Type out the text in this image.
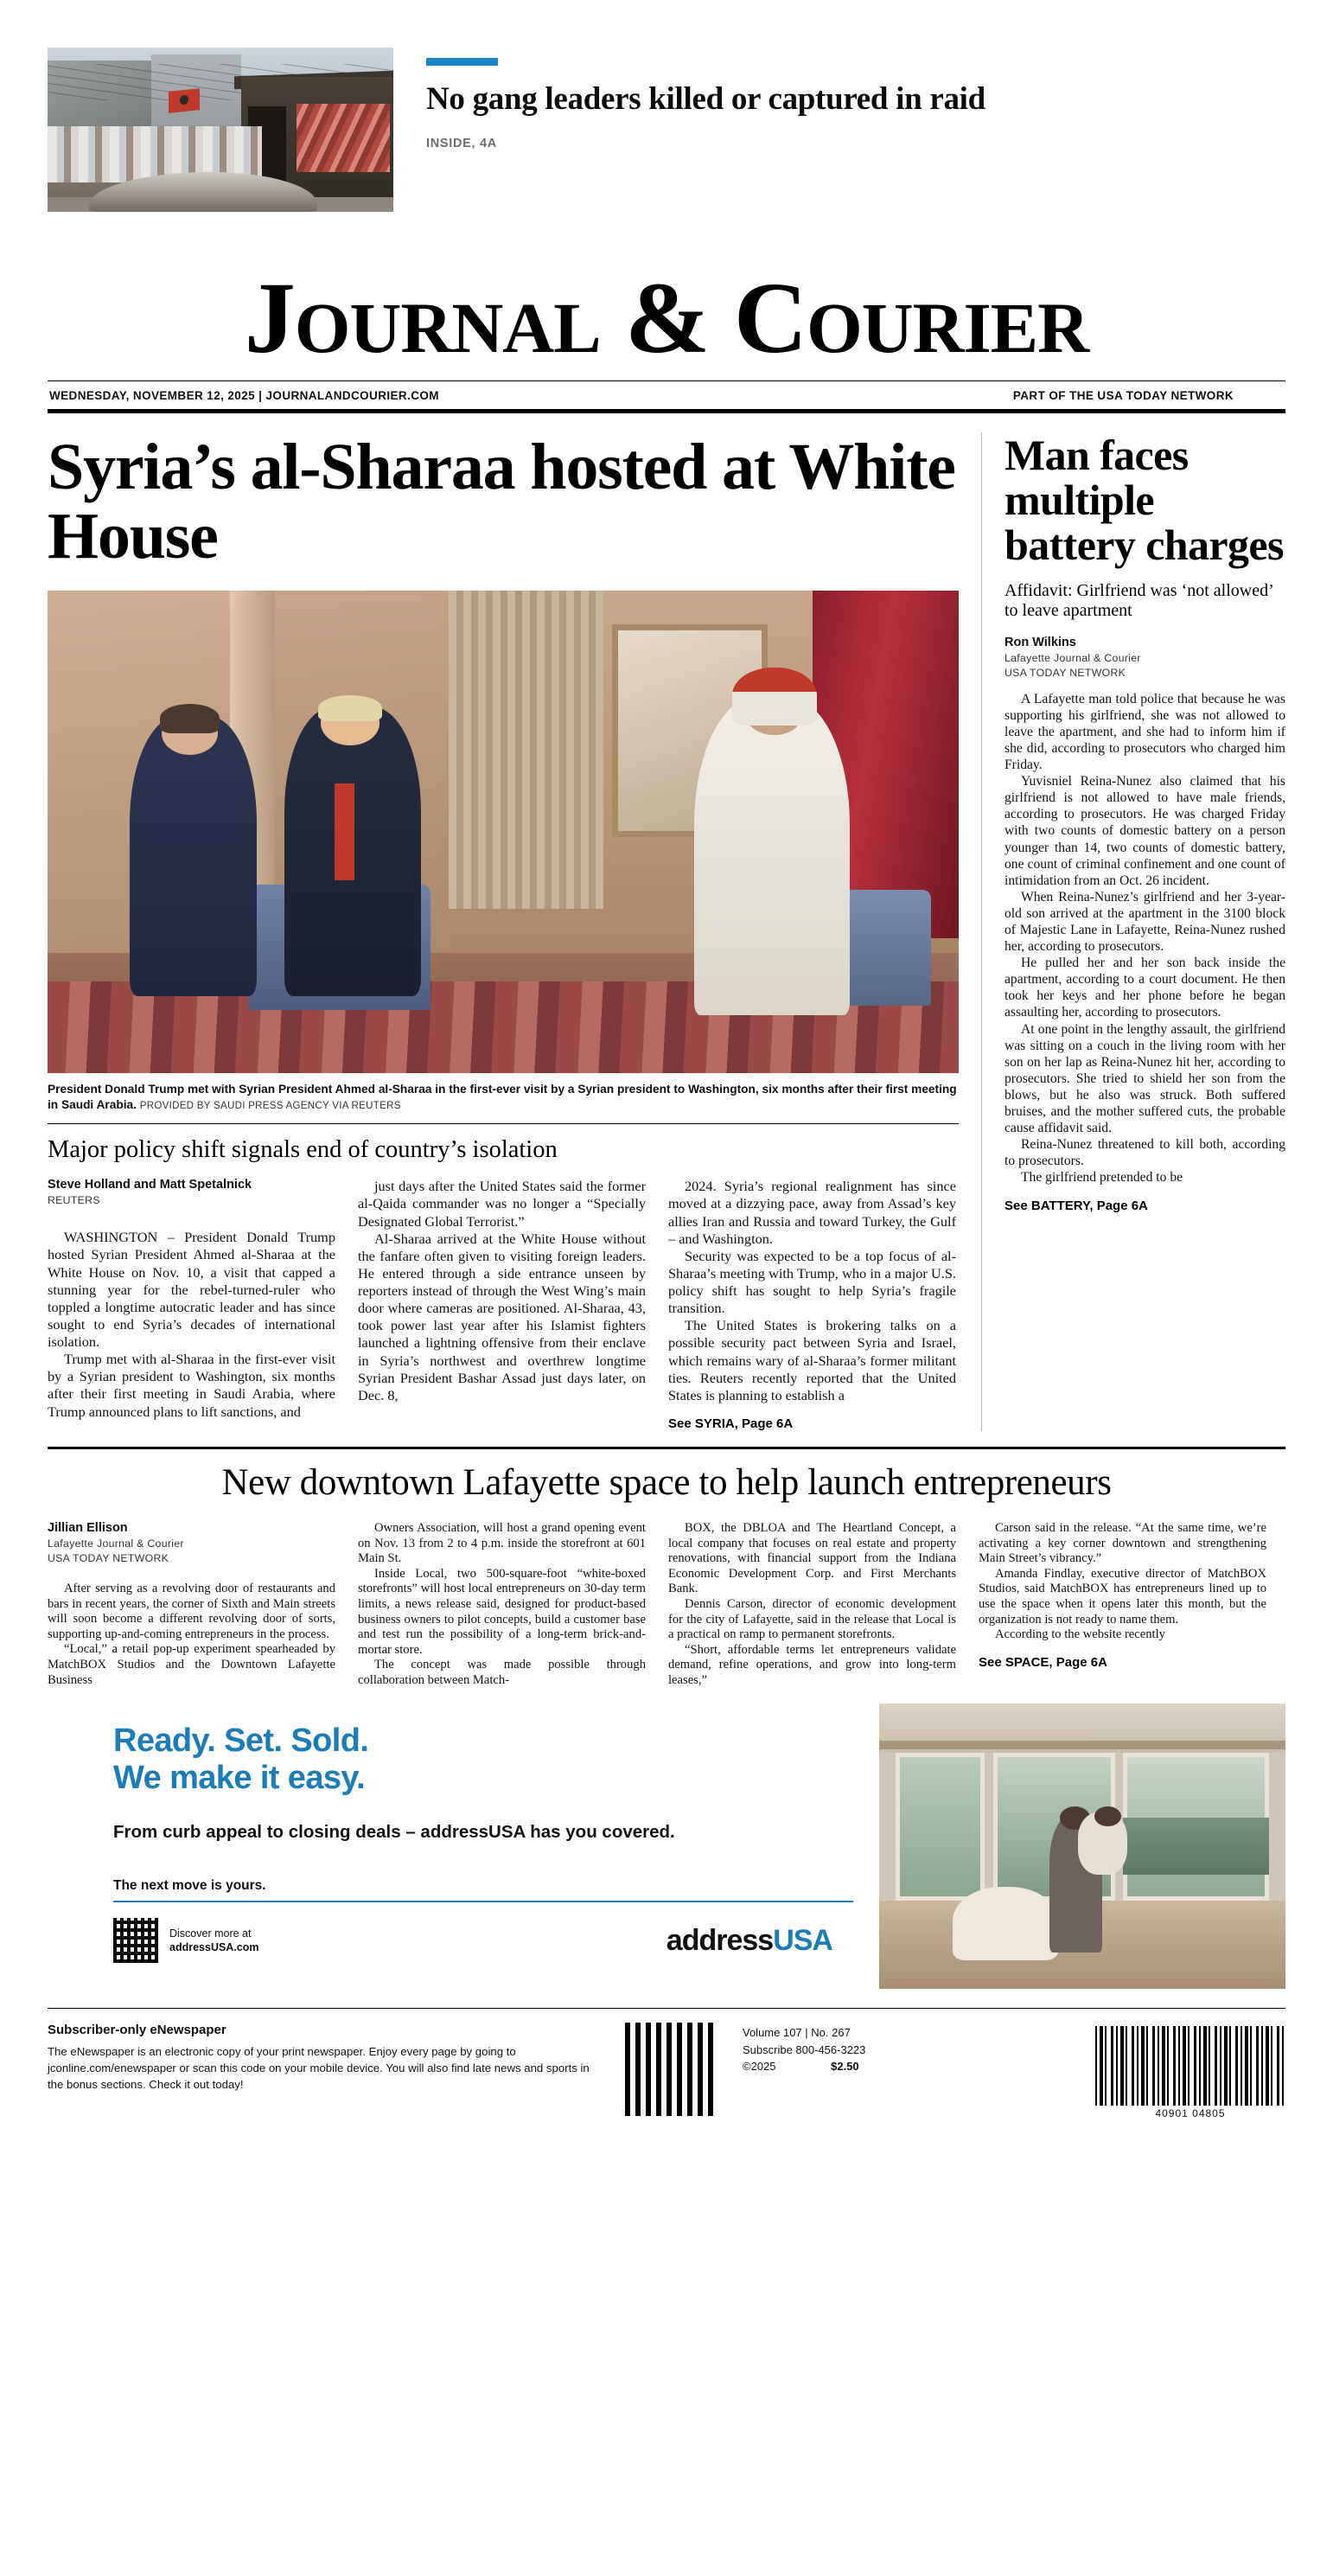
No gang leaders killed or captured in raid
INSIDE, 4A
Journal & Courier
WEDNESDAY, NOVEMBER 12, 2025 | JOURNALANDCOURIER.COM	PART OF THE USA TODAY NETWORK
Syria’s al-Sharaa hosted at White House
President Donald Trump met with Syrian President Ahmed al-Sharaa in the first-ever visit by a Syrian president to Washington, six months after their first meeting in Saudi Arabia. PROVIDED BY SAUDI PRESS AGENCY VIA REUTERS
Major policy shift signals end of country’s isolation
Steve Holland and Matt Spetalnick
REUTERS

WASHINGTON – President Donald Trump hosted Syrian President Ahmed al-Sharaa at the White House on Nov. 10, a visit that capped a stunning year for the rebel-turned-ruler who toppled a longtime autocratic leader and has since sought to end Syria’s decades of international isolation.

Trump met with al-Sharaa in the first-ever visit by a Syrian president to Washington, six months after their first meeting in Saudi Arabia, where Trump announced plans to lift sanctions, and

just days after the United States said the former al-Qaida commander was no longer a “Specially Designated Global Terrorist.”

Al-Sharaa arrived at the White House without the fanfare often given to visiting foreign leaders. He entered through a side entrance unseen by reporters instead of through the West Wing’s main door where cameras are positioned. Al-Sharaa, 43, took power last year after his Islamist fighters launched a lightning offensive from their enclave in Syria’s northwest and overthrew longtime Syrian President Bashar Assad just days later, on Dec. 8,

2024. Syria’s regional realignment has since moved at a dizzying pace, away from Assad’s key allies Iran and Russia and toward Turkey, the Gulf – and Washington.

Security was expected to be a top focus of al-Sharaa’s meeting with Trump, who in a major U.S. policy shift has sought to help Syria’s fragile transition.

The United States is brokering talks on a possible security pact between Syria and Israel, which remains wary of al-Sharaa’s former militant ties. Reuters recently reported that the United States is planning to establish a

See SYRIA, Page 6A
Man faces multiple battery charges
Affidavit: Girlfriend was ‘not allowed’ to leave apartment
Ron Wilkins
Lafayette Journal & Courier
USA TODAY NETWORK

A Lafayette man told police that because he was supporting his girlfriend, she was not allowed to leave the apartment, and she had to inform him if she did, according to prosecutors who charged him Friday.

Yuvisniel Reina-Nunez also claimed that his girlfriend is not allowed to have male friends, according to prosecutors. He was charged Friday with two counts of domestic battery on a person younger than 14, two counts of domestic battery, one count of criminal confinement and one count of intimidation from an Oct. 26 incident.

When Reina-Nunez’s girlfriend and her 3-year-old son arrived at the apartment in the 3100 block of Majestic Lane in Lafayette, Reina-Nunez rushed her, according to prosecutors.

He pulled her and her son back inside the apartment, according to a court document. He then took her keys and her phone before he began assaulting her, according to prosecutors.

At one point in the lengthy assault, the girlfriend was sitting on a couch in the living room with her son on her lap as Reina-Nunez hit her, according to prosecutors. She tried to shield her son from the blows, but he also was struck. Both suffered bruises, and the mother suffered cuts, the probable cause affidavit said.

Reina-Nunez threatened to kill both, according to prosecutors.

The girlfriend pretended to be

See BATTERY, Page 6A
New downtown Lafayette space to help launch entrepreneurs
Jillian Ellison
Lafayette Journal & Courier
USA TODAY NETWORK

After serving as a revolving door of restaurants and bars in recent years, the corner of Sixth and Main streets will soon become a different revolving door of sorts, supporting up-and-coming entrepreneurs in the process.

“Local,” a retail pop-up experiment spearheaded by MatchBOX Studios and the Downtown Lafayette Business

Owners Association, will host a grand opening event on Nov. 13 from 2 to 4 p.m. inside the storefront at 601 Main St.

Inside Local, two 500-square-foot “white-boxed storefronts” will host local entrepreneurs on 30-day term limits, a news release said, designed for product-based business owners to pilot concepts, build a customer base and test run the possibility of a long-term brick-and-mortar store.

The concept was made possible through collaboration between Match-

BOX, the DBLOA and The Heartland Concept, a local company that focuses on real estate and property renovations, with financial support from the Indiana Economic Development Corp. and First Merchants Bank.

Dennis Carson, director of economic development for the city of Lafayette, said in the release that Local is a practical on ramp to permanent storefronts.

“Short, affordable terms let entrepreneurs validate demand, refine operations, and grow into long-term leases,”

Carson said in the release. “At the same time, we’re activating a key corner downtown and strengthening Main Street’s vibrancy.”

Amanda Findlay, executive director of MatchBOX Studios, said MatchBOX has entrepreneurs lined up to use the space when it opens later this month, but the organization is not ready to name them.

According to the website recently

See SPACE, Page 6A
Ready. Set. Sold.
We make it easy.
From curb appeal to closing deals – addressUSA has you covered.
The next move is yours.
Discover more at
addressUSA.com	addressUSA
Subscriber-only eNewspaper
The eNewspaper is an electronic copy of your print newspaper. Enjoy every page by going to jconline.com/enewspaper or scan this code on your mobile device. You will also find late news and sports in the bonus sections. Check it out today!
Volume 107 | No. 267
Subscribe 800-456-3223
©2025	$2.50
40901 04805
